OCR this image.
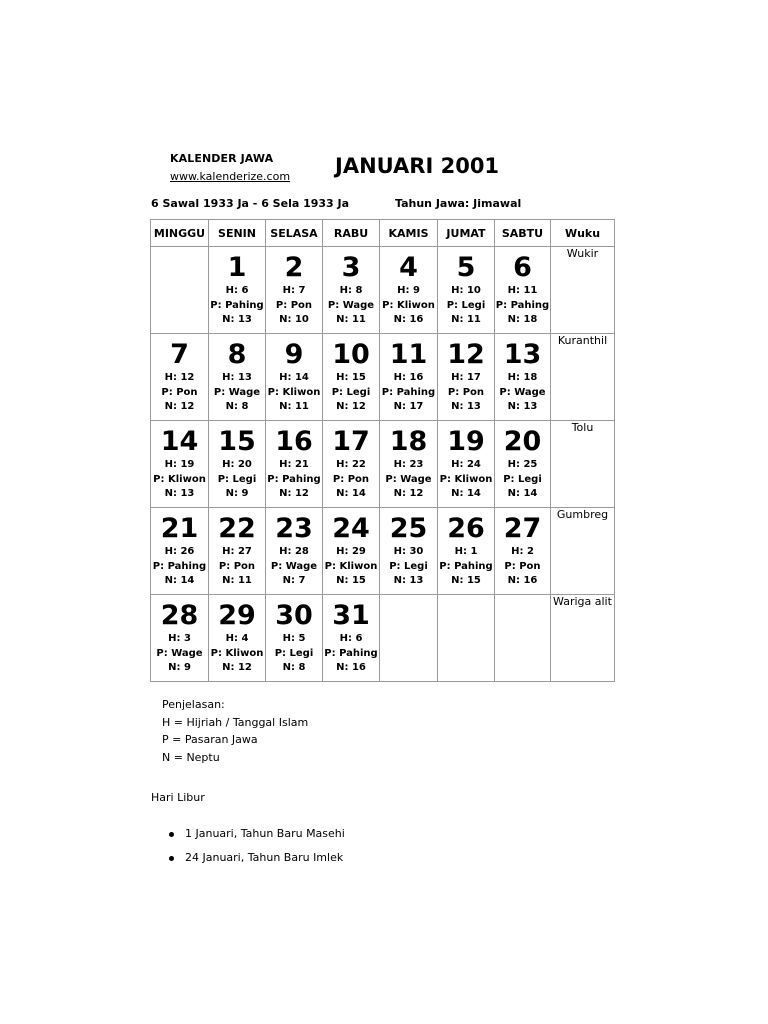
KALENDER JAWA
www.kalenderize.com JANUARI 2001
6 Sawal 1933 Ja - 6 Sela 1933 Ja	Tahun Jawa: Jimawal
MINGGU	SENIN	SELASA	RABU	KAMIS	JUMAT	SABTU	Wuku

	1
H: 6
P: Pahing
N: 13	2
H: 7
P: Pon
N: 10	3
H: 8
P: Wage
N: 11	4
H: 9
P: Kliwon
N: 16	5
H: 10
P: Legi
N: 11	6
H: 11
P: Pahing
N: 18	Wukir

7
H: 12
P: Pon
N: 12	8
H: 13
P: Wage
N: 8	9
H: 14
P: Kliwon
N: 11	10
H: 15
P: Legi
N: 12	11
H: 16
P: Pahing
N: 17	12
H: 17
P: Pon
N: 13	13
H: 18
P: Wage
N: 13	Kuranthil

14
H: 19
P: Kliwon
N: 13	15
H: 20
P: Legi
N: 9	16
H: 21
P: Pahing
N: 12	17
H: 22
P: Pon
N: 14	18
H: 23
P: Wage
N: 12	19
H: 24
P: Kliwon
N: 14	20
H: 25
P: Legi
N: 14	Tolu

21
H: 26
P: Pahing
N: 14	22
H: 27
P: Pon
N: 11	23
H: 28
P: Wage
N: 7	24
H: 29
P: Kliwon
N: 15	25
H: 30
P: Legi
N: 13	26
H: 1
P: Pahing
N: 15	27
H: 2
P: Pon
N: 16	Gumbreg

28
H: 3
P: Wage
N: 9	29
H: 4
P: Kliwon
N: 12	30
H: 5
P: Legi
N: 8	31
H: 6
P: Pahing
N: 16				Wariga alit
Penjelasan:
H = Hijriah / Tanggal Islam
P = Pasaran Jawa
N = Neptu
Hari Libur
1 Januari, Tahun Baru Masehi
24 Januari, Tahun Baru Imlek
